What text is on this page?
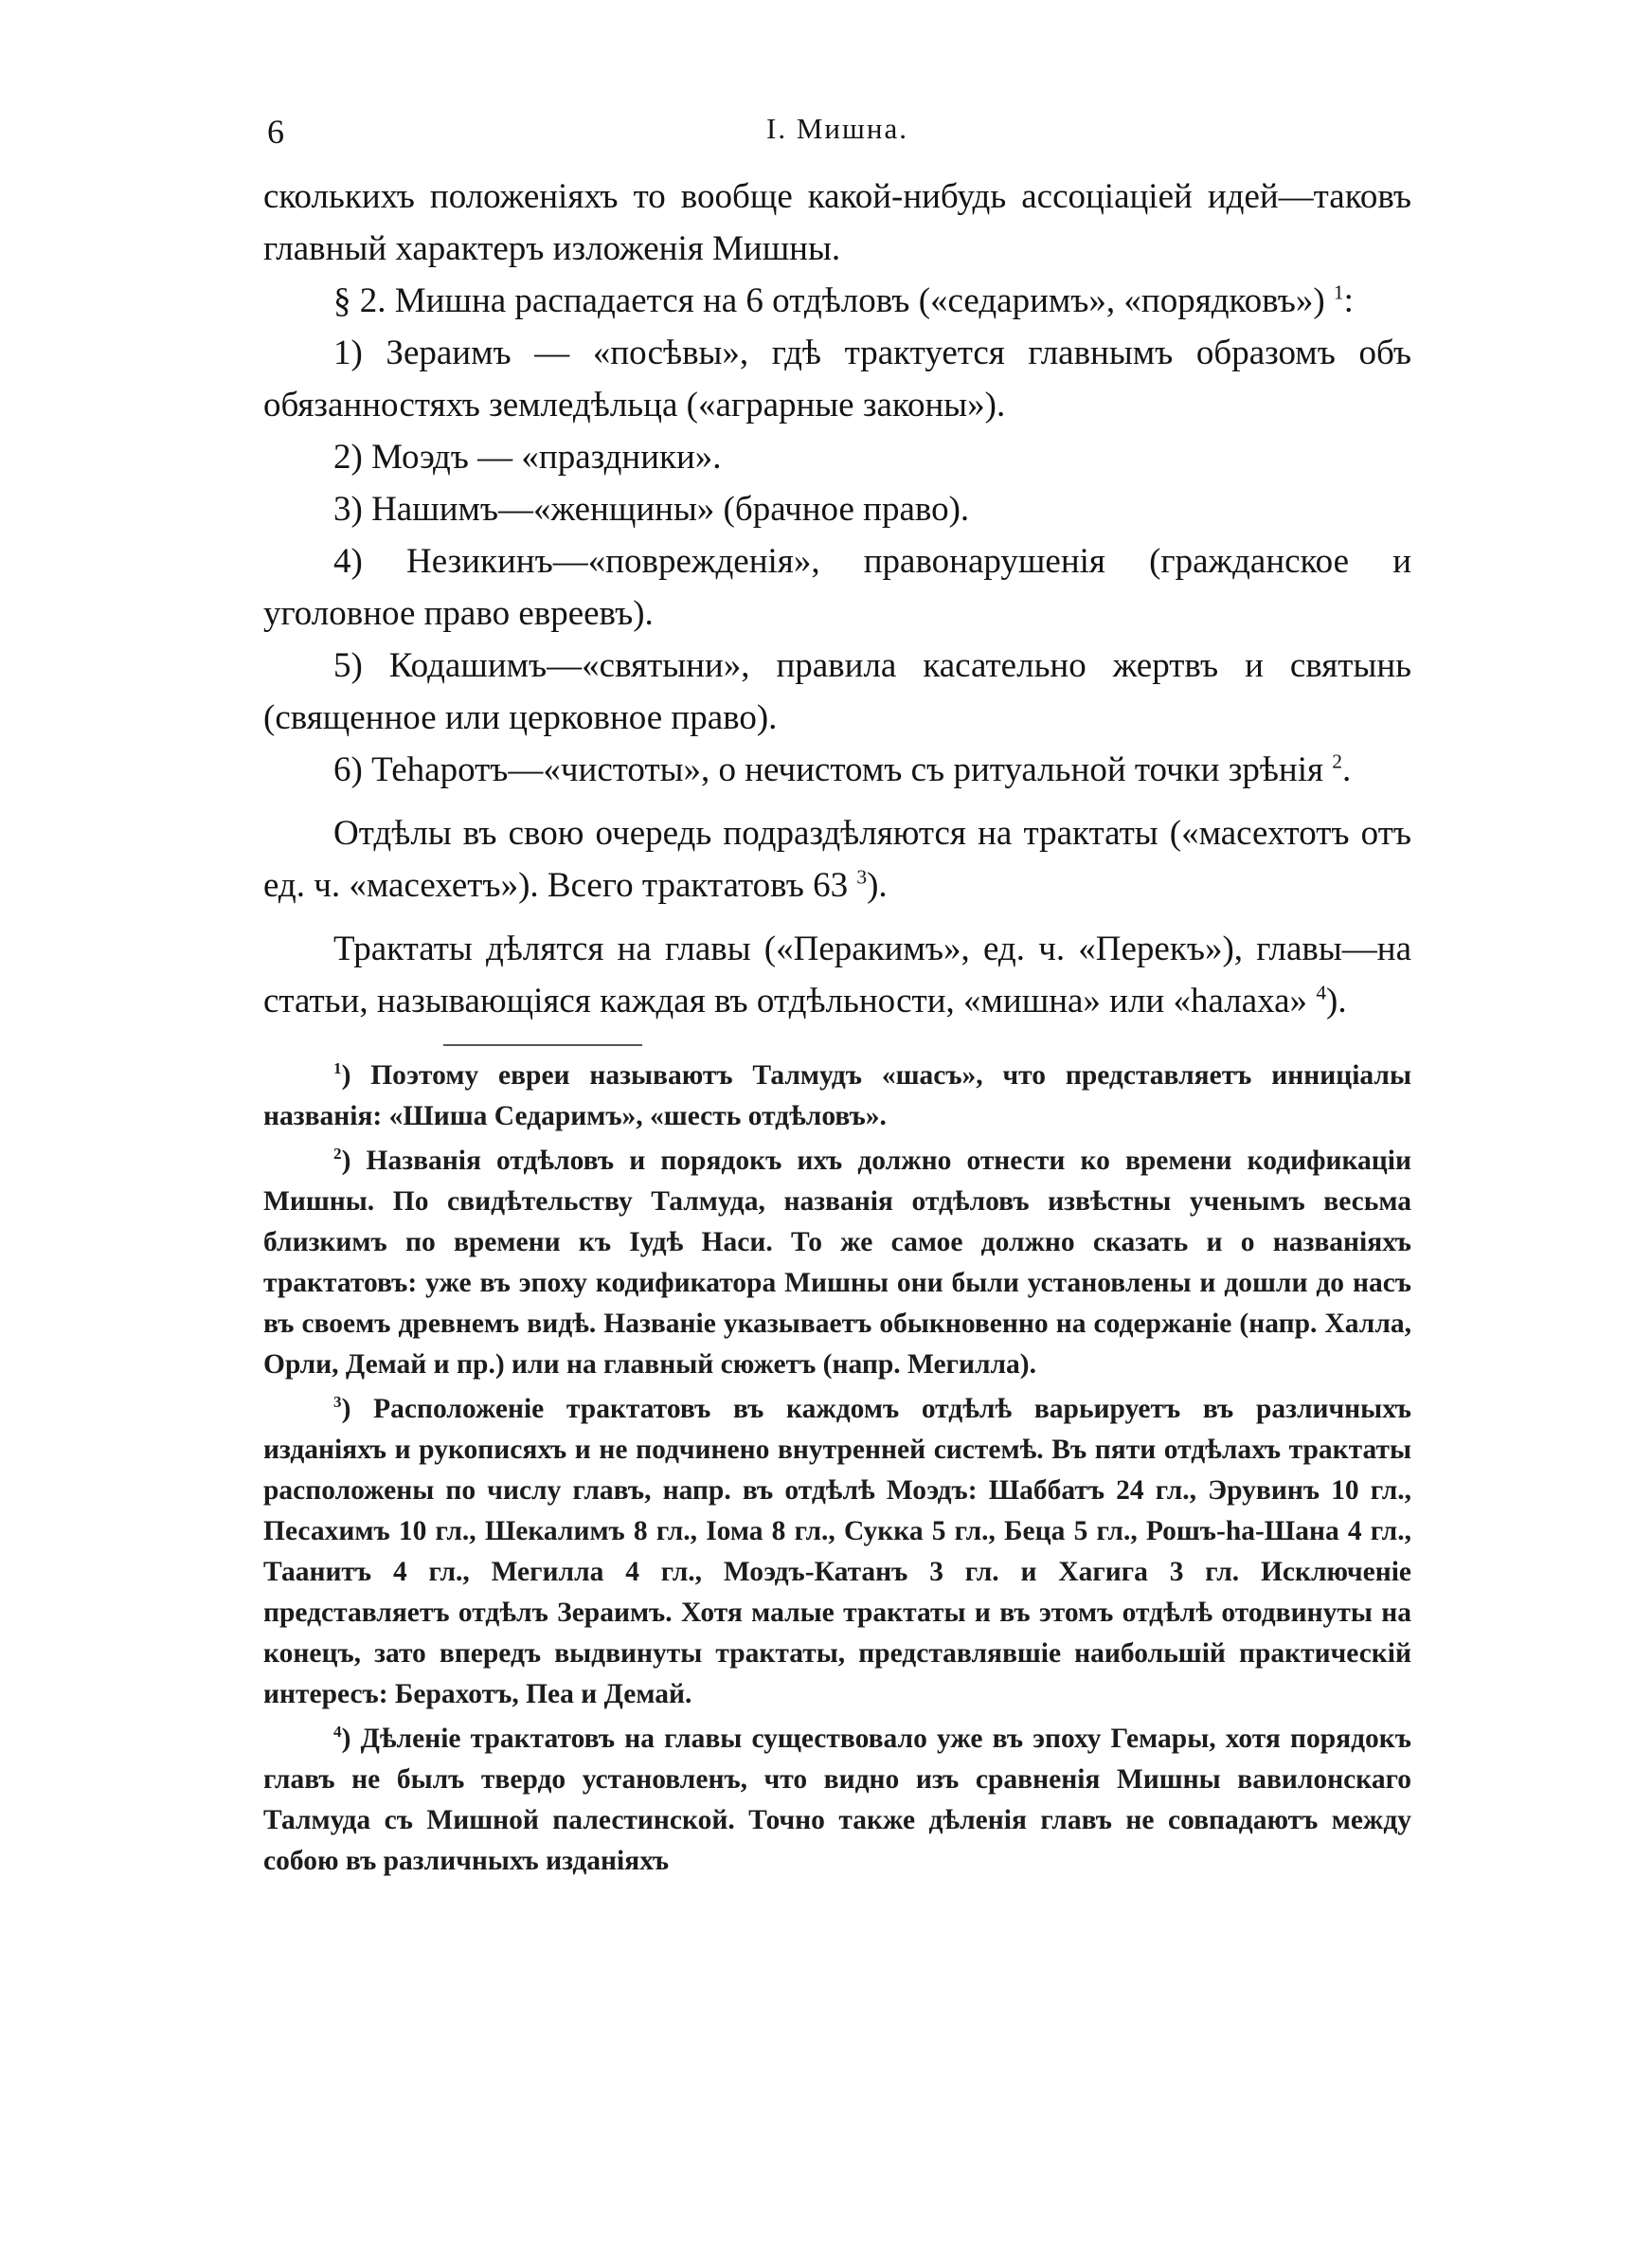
6	I. Мишна.

сколькихъ положеніяхъ то вообще какой-нибудь ассоціаціей идей—таковъ главный характеръ изложенія Мишны.

§ 2. Мишна распадается на 6 отдѣловъ («седаримъ», «порядковъ») $^1$:

1) Зераимъ — «посѣвы», гдѣ трактуется главнымъ образомъ объ обязанностяхъ земледѣльца («аграрные законы»).

2) Моэдъ — «праздники».

3) Нашимъ—«женщины» (брачное право).

4) Незикинъ—«поврежденія», правонарушенія (гражданское и уголовное право евреевъ).

5) Кодашимъ—«святыни», правила касательно жертвъ и святынь (священное или церковное право).

6) Теhаротъ—«чистоты», о нечистомъ съ ритуальной точки зрѣнія $^2$.

Отдѣлы въ свою очередь подраздѣляются на трактаты («масехтотъ отъ ед. ч. «масехетъ»). Всего трактатовъ 63 $^3$).

Трактаты дѣлятся на главы («Перакимъ», ед. ч. «Перекъ»), главы—на статьи, называющіяся каждая въ отдѣльности, «мишна» или «hалаха» $^4$).

$^1$) Поэтому евреи называютъ Талмудъ «шасъ», что представляетъ инниціалы названія: «Шиша Седаримъ», «шесть отдѣловъ».

$^2$) Названія отдѣловъ и порядокъ ихъ должно отнести ко времени кодификаціи Мишны. По свидѣтельству Талмуда, названія отдѣловъ извѣстны ученымъ весьма близкимъ по времени къ Іудѣ Наси. То же самое должно сказать и о названіяхъ трактатовъ: уже въ эпоху кодификатора Мишны они были установлены и дошли до насъ въ своемъ древнемъ видѣ. Названіе указываетъ обыкновенно на содержаніе (напр. Халла, Орли, Демай и пр.) или на главный сюжетъ (напр. Мегилла).

$^3$) Расположеніе трактатовъ въ каждомъ отдѣлѣ варьируетъ въ различныхъ изданіяхъ и рукописяхъ и не подчинено внутренней системѣ. Въ пяти отдѣлахъ трактаты расположены по числу главъ, напр. въ отдѣлѣ Моэдъ: Шаббатъ 24 гл., Эрувинъ 10 гл., Песахимъ 10 гл., Шекалимъ 8 гл., Іома 8 гл., Сукка 5 гл., Беца 5 гл., Рошъ-hа-Шана 4 гл., Таанитъ 4 гл., Мегилла 4 гл., Моэдъ-Катанъ 3 гл. и Хагига 3 гл. Исключеніе представляетъ отдѣлъ Зераимъ. Хотя малые трактаты и въ этомъ отдѣлѣ отодвинуты на конецъ, зато впередъ выдвинуты трактаты, представлявшіе наибольшій практическій интересъ: Берахотъ, Пеа и Демай.

$^4$) Дѣленіе трактатовъ на главы существовало уже въ эпоху Гемары, хотя порядокъ главъ не былъ твердо установленъ, что видно изъ сравненія Мишны вавилонскаго Талмуда съ Мишной палестинской. Точно также дѣленія главъ не совпадаютъ между собою въ различныхъ изданіяхъ
